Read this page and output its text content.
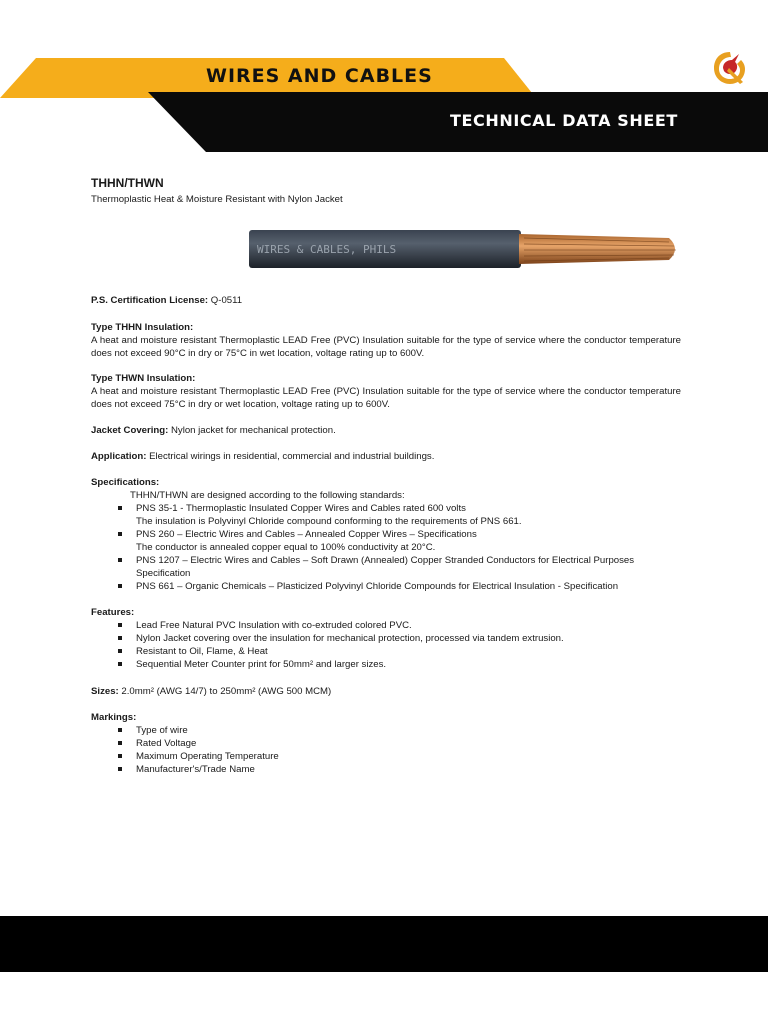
WIRES AND CABLES
TECHNICAL DATA SHEET

THHN/THWN

Thermoplastic Heat & Moisture Resistant with Nylon Jacket

WIRES & CABLES, PHILS

P.S. Certification License: Q-0511

Type THHN Insulation:

A heat and moisture resistant Thermoplastic LEAD Free (PVC) Insulation suitable for the type of service where the conductor temperature does not exceed 90°C in dry or 75°C in wet location, voltage rating up to 600V.

Type THWN Insulation:

A heat and moisture resistant Thermoplastic LEAD Free (PVC) Insulation suitable for the type of service where the conductor temperature does not exceed 75°C in dry or wet location, voltage rating up to 600V.

Jacket Covering: Nylon jacket for mechanical protection.

Application: Electrical wirings in residential, commercial and industrial buildings.

Specifications:

THHN/THWN are designed according to the following standards:

PNS 35-1 - Thermoplastic Insulated Copper Wires and Cables rated 600 volts
The insulation is Polyvinyl Chloride compound conforming to the requirements of PNS 661.
PNS 260 – Electric Wires and Cables – Annealed Copper Wires – Specifications
The conductor is annealed copper equal to 100% conductivity at 20°C.
PNS 1207 – Electric Wires and Cables – Soft Drawn (Annealed) Copper Stranded Conductors for Electrical Purposes
Specification
PNS 661 – Organic Chemicals – Plasticized Polyvinyl Chloride Compounds for Electrical Insulation - Specification

Features:

Lead Free Natural PVC Insulation with co-extruded colored PVC.
Nylon Jacket covering over the insulation for mechanical protection, processed via tandem extrusion.
Resistant to Oil, Flame, & Heat
Sequential Meter Counter print for 50mm² and larger sizes.

Sizes: 2.0mm² (AWG 14/7) to 250mm² (AWG 500 MCM)

Markings:

Type of wire
Rated Voltage
Maximum Operating Temperature
Manufacturer's/Trade Name
